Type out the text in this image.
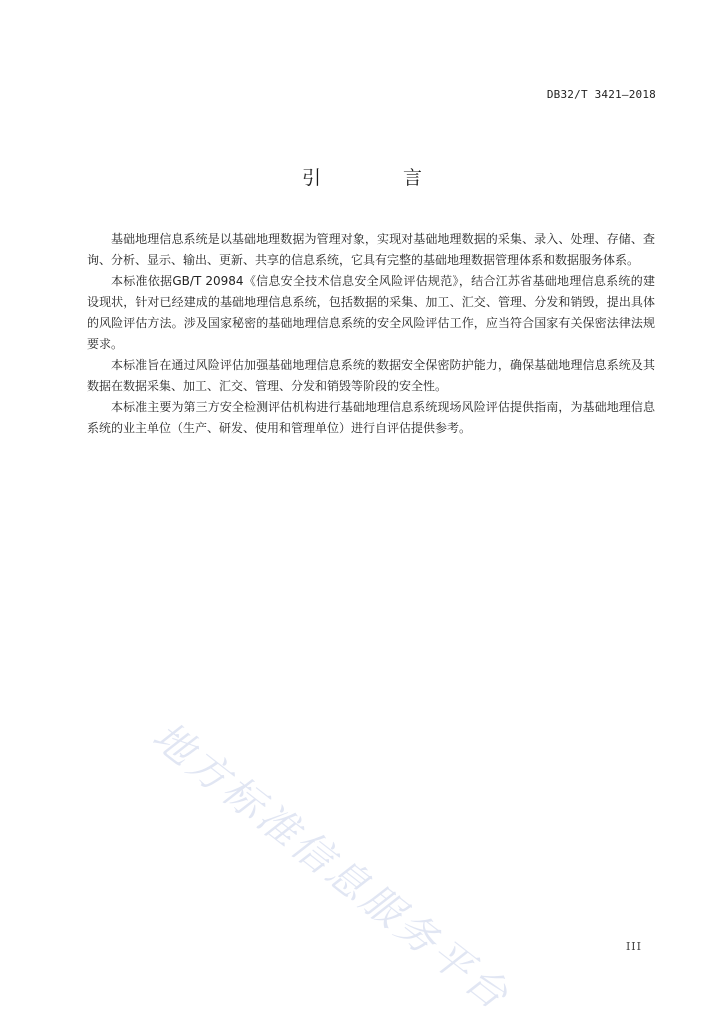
DB32/T 3421—2018
引 言

基础地理信息系统是以基础地理数据为管理对象，实现对基础地理数据的采集、录入、处理、存储、查询、分析、显示、输出、更新、共享的信息系统，它具有完整的基础地理数据管理体系和数据服务体系。

本标准依据GB/T 20984《信息安全技术信息安全风险评估规范》，结合江苏省基础地理信息系统的建设现状，针对已经建成的基础地理信息系统，包括数据的采集、加工、汇交、管理、分发和销毁，提出具体的风险评估方法。涉及国家秘密的基础地理信息系统的安全风险评估工作，应当符合国家有关保密法律法规要求。

本标准旨在通过风险评估加强基础地理信息系统的数据安全保密防护能力，确保基础地理信息系统及其数据在数据采集、加工、汇交、管理、分发和销毁等阶段的安全性。

本标准主要为第三方安全检测评估机构进行基础地理信息系统现场风险评估提供指南，为基础地理信息系统的业主单位（生产、研发、使用和管理单位）进行自评估提供参考。

地方标准信息服务平台	III
